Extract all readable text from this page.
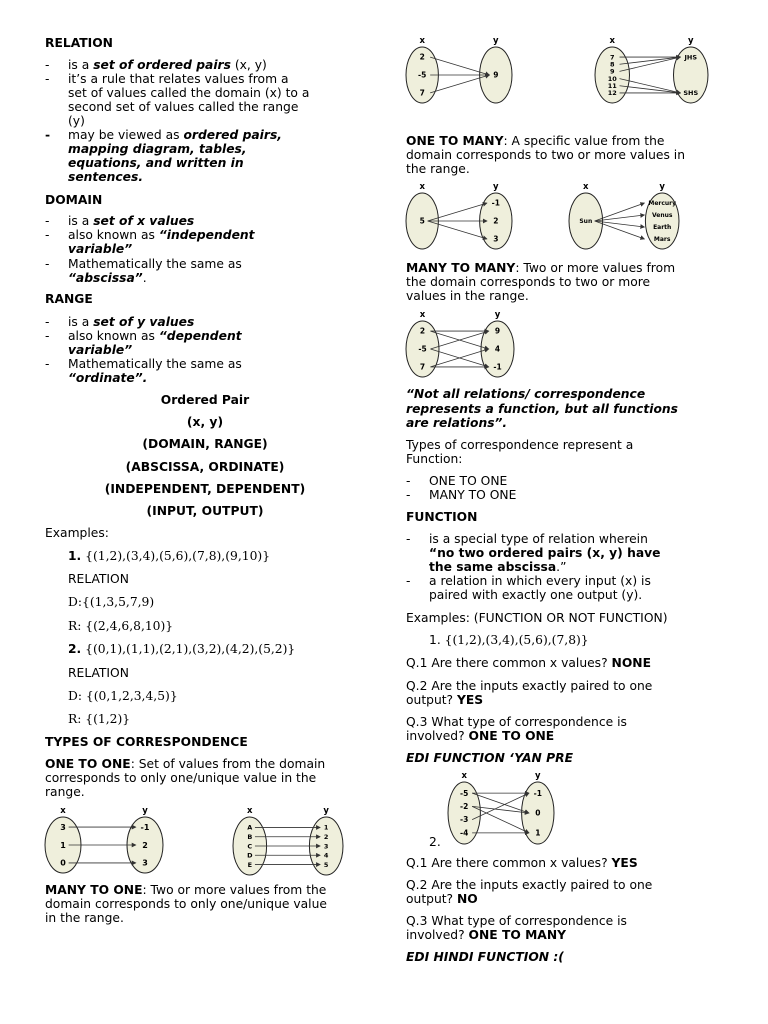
RELATION
- is a set of ordered pairs (x, y)
- it’s a rule that relates values from a
set of values called the domain (x) to a
second set of values called the range
(y)
- may be viewed as ordered pairs,
mapping diagram, tables,
equations, and written in
sentences.
DOMAIN
- is a set of x values
- also known as “independent
variable”
- Mathematically the same as
“abscissa”.
RANGE
- is a set of y values
- also known as “dependent
variable”
- Mathematically the same as
“ordinate”.
Ordered Pair
(x, y)
(DOMAIN, RANGE)
(ABSCISSA, ORDINATE)
(INDEPENDENT, DEPENDENT)
(INPUT, OUTPUT)
Examples:
1. {(1,2),(3,4),(5,6),(7,8),(9,10)}
RELATION
D:{(1,3,5,7,9)
R: {(2,4,6,8,10)}
2. {(0,1),(1,1),(2,1),(3,2),(4,2),(5,2)}
RELATION
D: {(0,1,2,3,4,5)}
R: {(1,2)}
TYPES OF CORRESPONDENCE
ONE TO ONE: Set of values from the domain
corresponds to only one/unique value in the
range.
MANY TO ONE: Two or more values from the
domain corresponds to only one/unique value
in the range.
ONE TO MANY: A specific value from the
domain corresponds to two or more values in
the range.
MANY TO MANY: Two or more values from
the domain corresponds to two or more
values in the range.
“Not all relations/ correspondence
represents a function, but all functions
are relations”.
Types of correspondence represent a
Function:
- ONE TO ONE
- MANY TO ONE
FUNCTION
- is a special type of relation wherein
“no two ordered pairs (x, y) have
the same abscissa.”
- a relation in which every input (x) is
paired with exactly one output (y).
Examples: (FUNCTION OR NOT FUNCTION)
1. {(1,2),(3,4),(5,6),(7,8)}
Q.1 Are there common x values? NONE
Q.2 Are the inputs exactly paired to one
output? YES
Q.3 What type of correspondence is
involved? ONE TO ONE
EDI FUNCTION ‘YAN PRE
2.
Q.1 Are there common x values? YES
Q.2 Are the inputs exactly paired to one
output? NO
Q.3 What type of correspondence is
involved? ONE TO MANY
EDI HINDI FUNCTION :(
x	y
3
1
0
-1
2
3
x	y
A
B
C
D
E
1
2
3
4
5
x	y
2
-5
7
9
x	y
7
8
9
10
11
12
JHS
SHS
x	y
5
-1
2
3
x	y
Sun
Mercury
Venus
Earth
Mars
x	y
2
-5
7
9
4
-1
x	y
-5
-2
-3
-4
-1
0
1
